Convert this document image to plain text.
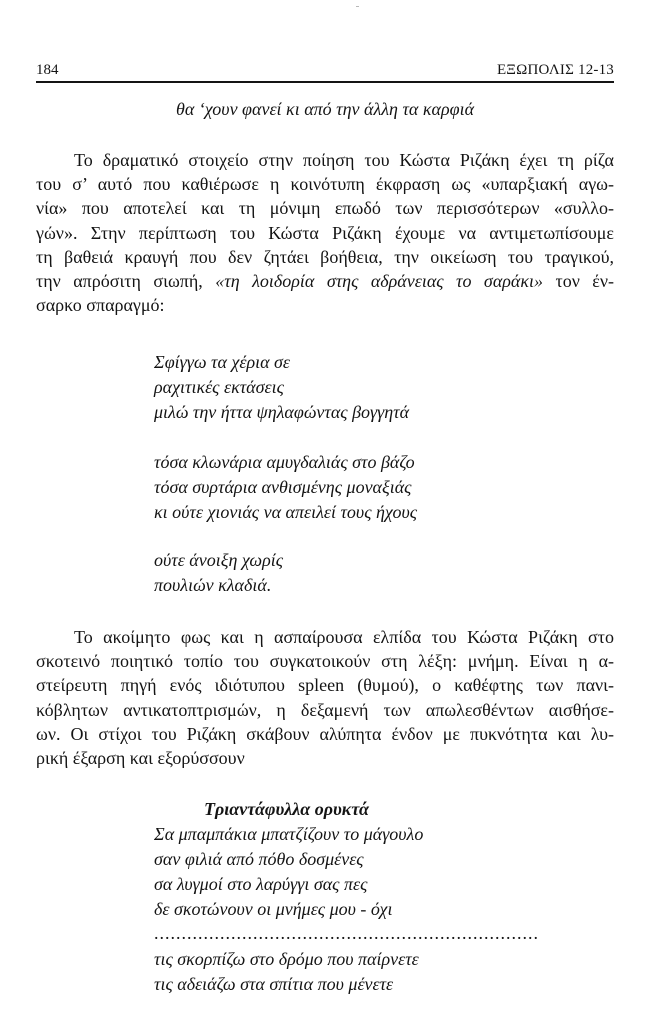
184	ΕΞΩΠΟΛΙΣ 12-13
θα ‘χουν φανεί κι από την άλλη τα καρφιά
Το δραματικό στοιχείο στην ποίηση του Κώστα Ριζάκη έχει τη ρίζα
του σ’ αυτό που καθιέρωσε η κοινότυπη έκφραση ως «υπαρξιακή αγω-
νία» που αποτελεί και τη μόνιμη επωδό των περισσότερων «συλλο-
γών». Στην περίπτωση του Κώστα Ριζάκη έχουμε να αντιμετωπίσουμε
τη βαθειά κραυγή που δεν ζητάει βοήθεια, την οικείωση του τραγικού,
την απρόσιτη σιωπή, «τη λοιδορία στης αδράνειας το σαράκι» τον έν-
σαρκο σπαραγμό:
Σφίγγω τα χέρια σε
ραχιτικές εκτάσεις
μιλώ την ήττα ψηλαφώντας βογγητά
τόσα κλωνάρια αμυγδαλιάς στο βάζο
τόσα συρτάρια ανθισμένης μοναξιάς
κι ούτε χιονιάς να απειλεί τους ήχους
ούτε άνοιξη χωρίς
πουλιών κλαδιά.
Το ακοίμητο φως και η ασπαίρουσα ελπίδα του Κώστα Ριζάκη στο
σκοτεινό ποιητικό τοπίο του συγκατοικούν στη λέξη: μνήμη. Είναι η α-
στείρευτη πηγή ενός ιδιότυπου spleen (θυμού), ο καθέφτης των πανι-
κόβλητων αντικατοπτρισμών, η δεξαμενή των απωλεσθέντων αισθήσε-
ων. Οι στίχοι του Ριζάκη σκάβουν αλύπητα ένδον με πυκνότητα και λυ-
ρική έξαρση και εξορύσσουν
Τριαντάφυλλα ορυκτά
Σα μπαμπάκια μπατζίζουν το μάγουλο
σαν φιλιά από πόθο δοσμένες
σα λυγμοί στο λαρύγγι σας πες
δε σκοτώνουν οι μνήμες μου - όχι
......................................................................
τις σκορπίζω στο δρόμο που παίρνετε
τις αδειάζω στα σπίτια που μένετε
